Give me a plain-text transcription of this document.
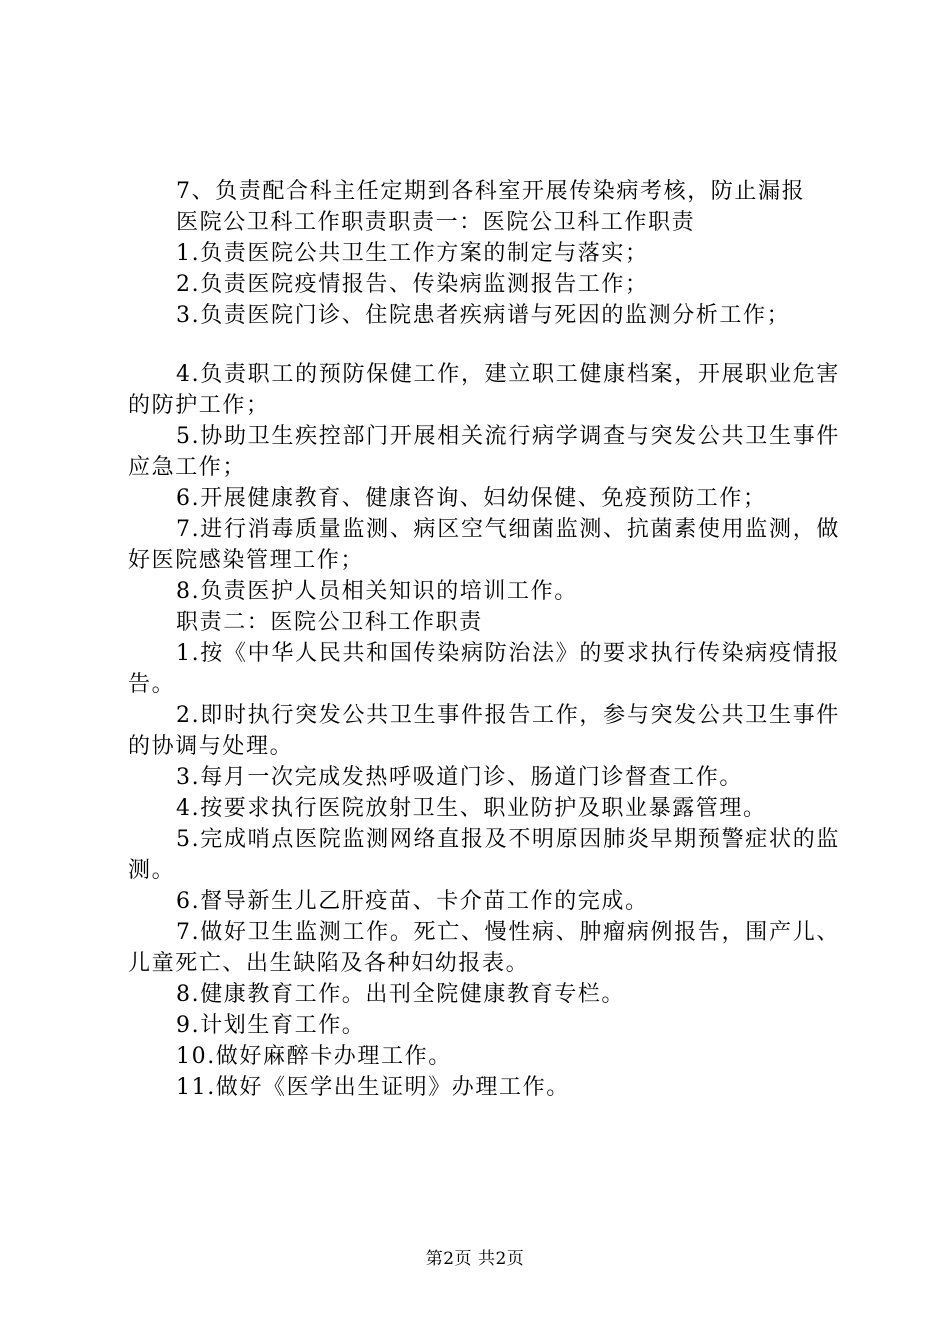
7、负责配合科主任定期到各科室开展传染病考核，防止漏报

医院公卫科工作职责职责一：医院公卫科工作职责

1.负责医院公共卫生工作方案的制定与落实；

2.负责医院疫情报告、传染病监测报告工作；

3.负责医院门诊、住院患者疾病谱与死因的监测分析工作；

4.负责职工的预防保健工作，建立职工健康档案，开展职业危害的防护工作；

5.协助卫生疾控部门开展相关流行病学调查与突发公共卫生事件应急工作；

6.开展健康教育、健康咨询、妇幼保健、免疫预防工作；

7.进行消毒质量监测、病区空气细菌监测、抗菌素使用监测，做好医院感染管理工作；

8.负责医护人员相关知识的培训工作。

职责二：医院公卫科工作职责

1.按《中华人民共和国传染病防治法》的要求执行传染病疫情报告。

2.即时执行突发公共卫生事件报告工作，参与突发公共卫生事件的协调与处理。

3.每月一次完成发热呼吸道门诊、肠道门诊督查工作。

4.按要求执行医院放射卫生、职业防护及职业暴露管理。

5.完成哨点医院监测网络直报及不明原因肺炎早期预警症状的监测。

6.督导新生儿乙肝疫苗、卡介苗工作的完成。

7.做好卫生监测工作。死亡、慢性病、肿瘤病例报告，围产儿、儿童死亡、出生缺陷及各种妇幼报表。

8.健康教育工作。出刊全院健康教育专栏。

9.计划生育工作。

10.做好麻醉卡办理工作。

11.做好《医学出生证明》办理工作。

第2页 共2页
